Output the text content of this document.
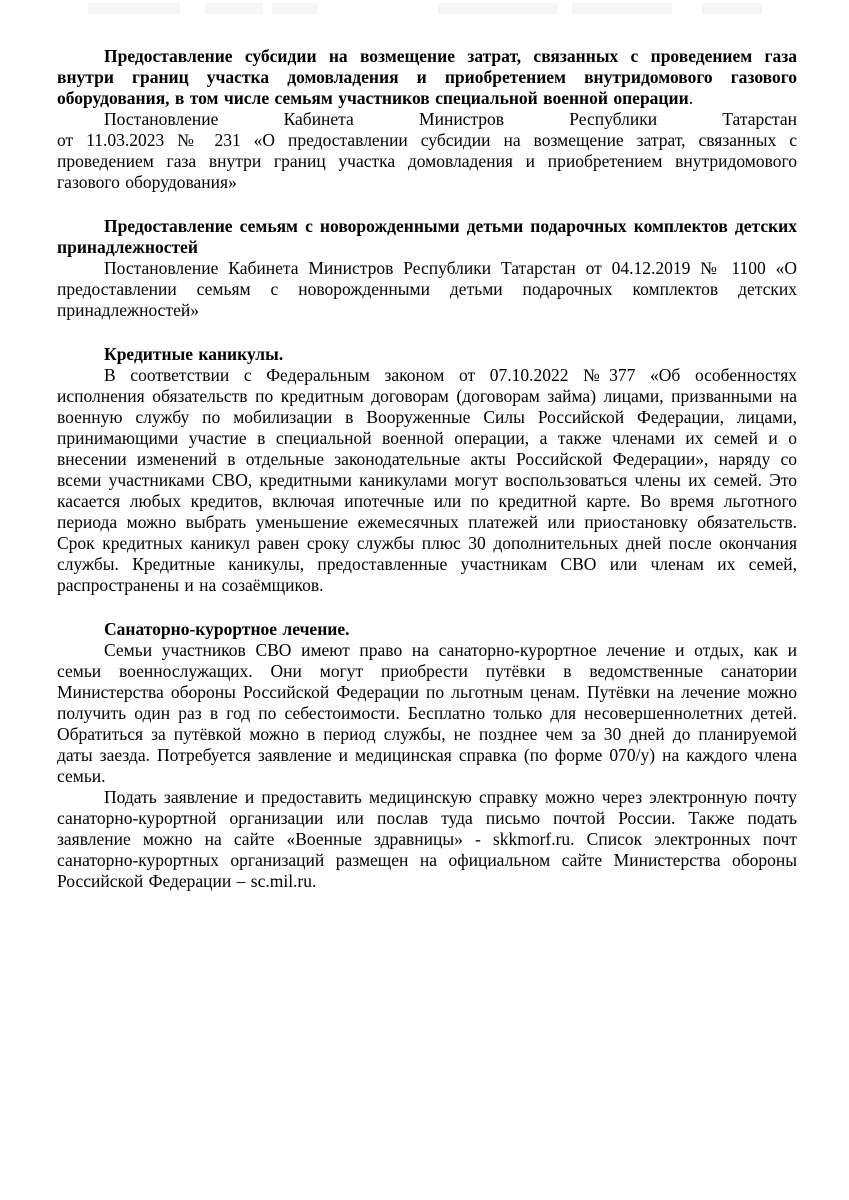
Предоставление субсидии на возмещение затрат, связанных с проведением газа внутри границ участка домовладения и приобретением внутридомового газового оборудования, в том числе семьям участников специальной военной операции.

Постановление Кабинета Министров Республики Татарстан

от 11.03.2023 № 231 «О предоставлении субсидии на возмещение затрат, связанных с проведением газа внутри границ участка домовладения и приобретением внутридомового газового оборудования»

Предоставление семьям с новорожденными детьми подарочных комплектов детских принадлежностей

Постановление Кабинета Министров Республики Татарстан от 04.12.2019 № 1100 «О предоставлении семьям с новорожденными детьми подарочных комплектов детских принадлежностей»

Кредитные каникулы.

В соответствии с Федеральным законом от 07.10.2022 №377 «Об особенностях исполнения обязательств по кредитным договорам (договорам займа) лицами, призванными на военную службу по мобилизации в Вооруженные Силы Российской Федерации, лицами, принимающими участие в специальной военной операции, а также членами их семей и о внесении изменений в отдельные законодательные акты Российской Федерации», наряду со всеми участниками СВО, кредитными каникулами могут воспользоваться члены их семей. Это касается любых кредитов, включая ипотечные или по кредитной карте. Во время льготного периода можно выбрать уменьшение ежемесячных платежей или приостановку обязательств. Срок кредитных каникул равен сроку службы плюс 30 дополнительных дней после окончания службы. Кредитные каникулы, предоставленные участникам СВО или членам их семей, распространены и на созаёмщиков.

Санаторно-курортное лечение.

Семьи участников СВО имеют право на санаторно-курортное лечение и отдых, как и семьи военнослужащих. Они могут приобрести путёвки в ведомственные санатории Министерства обороны Российской Федерации по льготным ценам. Путёвки на лечение можно получить один раз в год по себестоимости. Бесплатно только для несовершеннолетних детей. Обратиться за путёвкой можно в период службы, не позднее чем за 30 дней до планируемой даты заезда. Потребуется заявление и медицинская справка (по форме 070/у) на каждого члена семьи.

Подать заявление и предоставить медицинскую справку можно через электронную почту санаторно-курортной организации или послав туда письмо почтой России. Также подать заявление можно на сайте «Военные здравницы» - skkmorf.ru. Список электронных почт санаторно-курортных организаций размещен на официальном сайте Министерства обороны Российской Федерации – sc.mil.ru.
